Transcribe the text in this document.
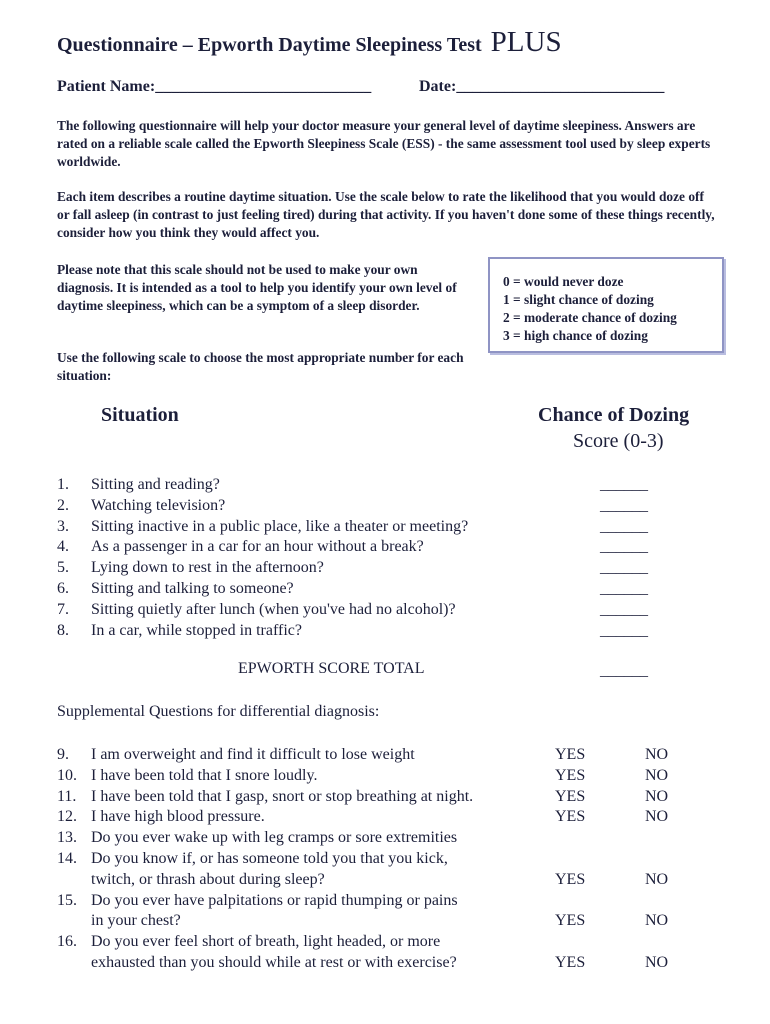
Questionnaire – Epworth Daytime Sleepiness Test PLUS
Patient Name:___________________________	Date:__________________________
The following questionnaire will help your doctor measure your general level of daytime sleepiness. Answers are rated on a reliable scale called the Epworth Sleepiness Scale (ESS) - the same assessment tool used by sleep experts worldwide.
Each item describes a routine daytime situation. Use the scale below to rate the likelihood that you would doze off or fall asleep (in contrast to just feeling tired) during that activity. If you haven't done some of these things recently, consider how you think they would affect you.
Please note that this scale should not be used to make your own diagnosis. It is intended as a tool to help you identify your own level of daytime sleepiness, which can be a symptom of a sleep disorder.
Use the following scale to choose the most appropriate number for each situation:
0 = would never doze
1 = slight chance of dozing
2 = moderate chance of dozing
3 = high chance of dozing
Situation	Chance of Dozing
Score (0-3)
1. Sitting and reading?	______
2. Watching television?	______
3. Sitting inactive in a public place, like a theater or meeting?	______
4. As a passenger in a car for an hour without a break?	______
5. Lying down to rest in the afternoon?	______
6. Sitting and talking to someone?	______
7. Sitting quietly after lunch (when you've had no alcohol)?	______
8. In a car, while stopped in traffic?	______
EPWORTH SCORE TOTAL	______
Supplemental Questions for differential diagnosis:
9. I am overweight and find it difficult to lose weight	YES	NO
10. I have been told that I snore loudly.	YES	NO
11. I have been told that I gasp, snort or stop breathing at night.	YES	NO
12. I have high blood pressure.	YES	NO
13. Do you ever wake up with leg cramps or sore extremities
14. Do you know if, or has someone told you that you kick,
twitch, or thrash about during sleep?	YES	NO
15. Do you ever have palpitations or rapid thumping or pains
in your chest?	YES	NO
16. Do you ever feel short of breath, light headed, or more
exhausted than you should while at rest or with exercise?	YES	NO
